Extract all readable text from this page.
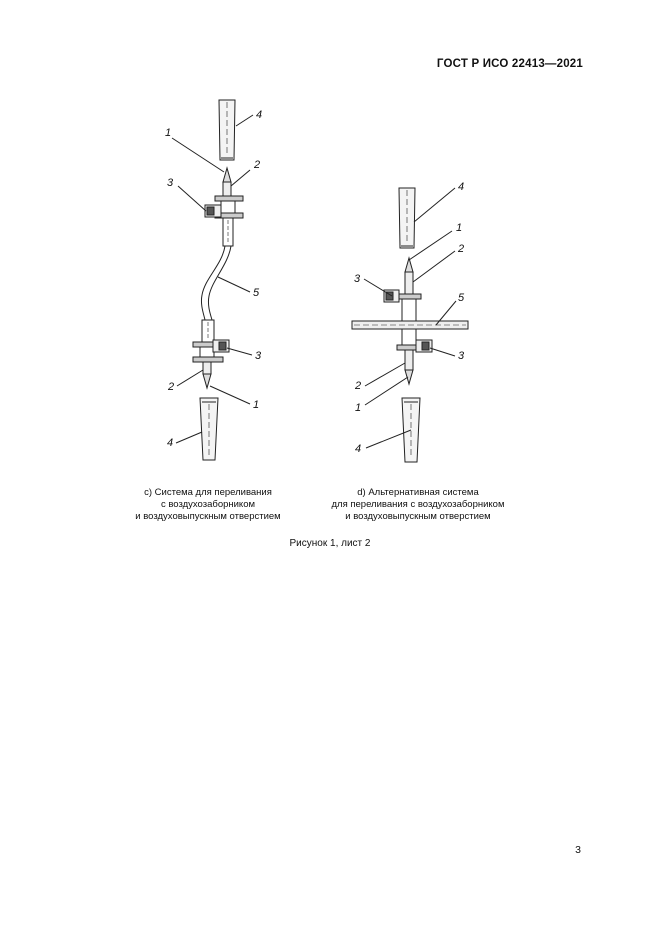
ГОСТ Р ИСО 22413—2021
4
1
2
3
5
3
2
1
4
4
1
2
3
5
3
2
1
4
c) Система для переливания
с воздухозаборником
и воздуховыпускным отверстием
d) Альтернативная система
для переливания с воздухозаборником
и воздуховыпускным отверстием
Рисунок 1, лист 2
3
